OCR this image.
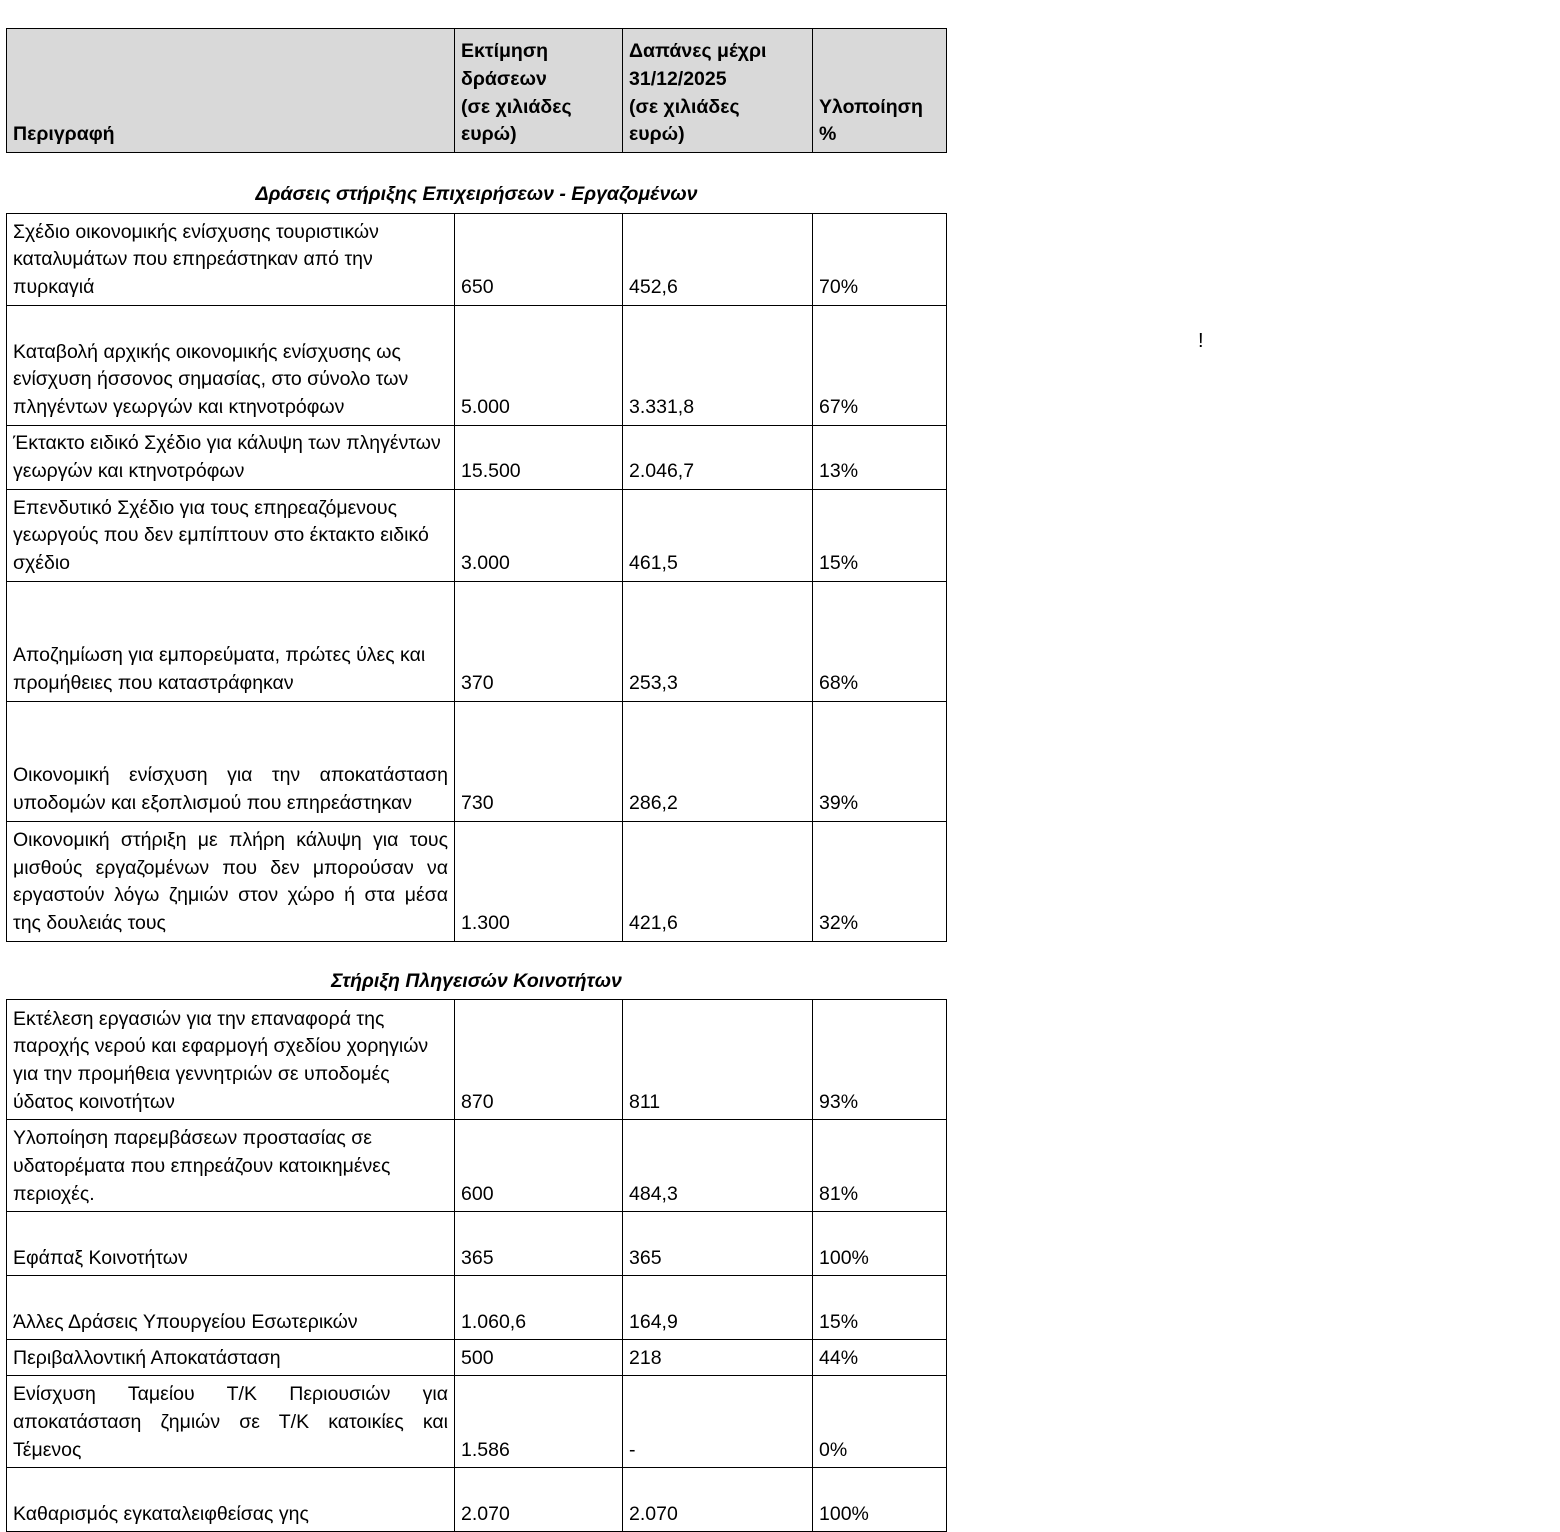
Περιγραφή	Εκτίμηση
δράσεων
(σε χιλιάδες
ευρώ)	Δαπάνες μέχρι
31/12/2025
(σε χιλιάδες
ευρώ)	Υλοποίηση
%

Δράσεις στήριξης Επιχειρήσεων - Εργαζομένων			
Σχέδιο οικονομικής ενίσχυσης τουριστικών καταλυμάτων που επηρεάστηκαν από την πυρκαγιά	650	452,6	70%
Καταβολή αρχικής οικονομικής ενίσχυσης ως ενίσχυση ήσσονος σημασίας, στο σύνολο των πληγέντων γεωργών και κτηνοτρόφων	5.000	3.331,8	67%
Έκτακτο ειδικό Σχέδιο για κάλυψη των πληγέντων γεωργών και κτηνοτρόφων	15.500	2.046,7	13%
Επενδυτικό Σχέδιο για τους επηρεαζόμενους γεωργούς που δεν εμπίπτουν στο έκτακτο ειδικό σχέδιο	3.000	461,5	15%
Αποζημίωση για εμπορεύματα, πρώτες ύλες και προμήθειες που καταστράφηκαν	370	253,3	68%
Οικονομική ενίσχυση για την αποκατάσταση υποδομών και εξοπλισμού που επηρεάστηκαν	730	286,2	39%
Οικονομική στήριξη με πλήρη κάλυψη για τους μισθούς εργαζομένων που δεν μπορούσαν να εργαστούν λόγω ζημιών στον χώρο ή στα μέσα της δουλειάς τους	1.300	421,6	32%
Στήριξη Πληγεισών Κοινοτήτων			
Εκτέλεση εργασιών για την επαναφορά της παροχής νερού και εφαρμογή σχεδίου χορηγιών για την προμήθεια γεννητριών σε υποδομές ύδατος κοινοτήτων	870	811	93%
Υλοποίηση παρεμβάσεων προστασίας σε υδατορέματα που επηρεάζουν κατοικημένες περιοχές.	600	484,3	81%
Εφάπαξ Κοινοτήτων	365	365	100%
Άλλες Δράσεις Υπουργείου Εσωτερικών	1.060,6	164,9	15%
Περιβαλλοντική Αποκατάσταση	500	218	44%
Ενίσχυση Ταμείου Τ/Κ Περιουσιών για αποκατάσταση ζημιών σε Τ/Κ κατοικίες και Τέμενος	1.586	-	0%
Καθαρισμός εγκαταλειφθείσας γης	2.070	2.070	100%
!
